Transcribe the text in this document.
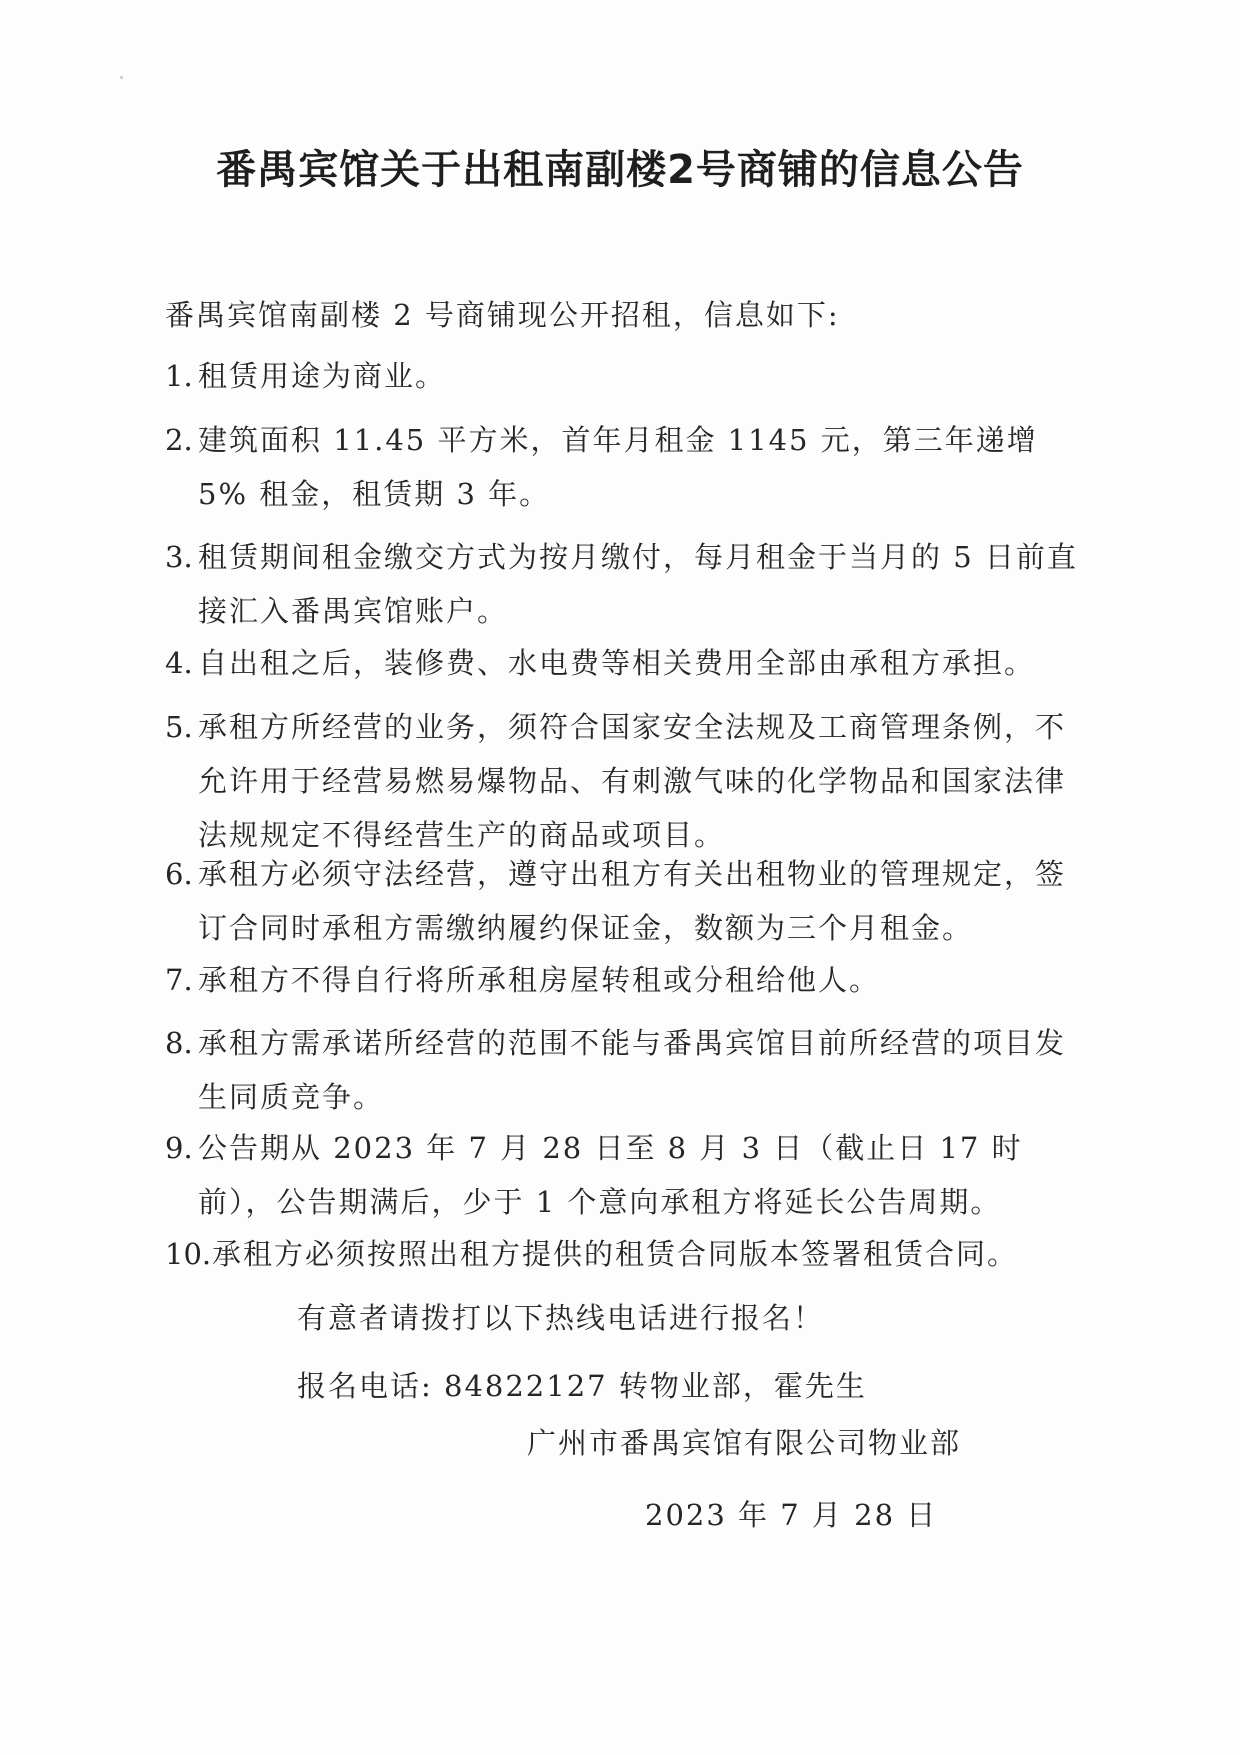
番禺宾馆关于出租南副楼2号商铺的信息公告
番禺宾馆南副楼 2 号商铺现公开招租，信息如下:
1. 租赁用途为商业。
2. 建筑面积 11.45 平方米，首年月租金 1145 元，第三年递增 5% 租金，租赁期 3 年。
3. 租赁期间租金缴交方式为按月缴付，每月租金于当月的 5 日前直接汇入番禺宾馆账户。
4. 自出租之后，装修费、水电费等相关费用全部由承租方承担。
5. 承租方所经营的业务，须符合国家安全法规及工商管理条例，不允许用于经营易燃易爆物品、有刺激气味的化学物品和国家法律法规规定不得经营生产的商品或项目。
6. 承租方必须守法经营，遵守出租方有关出租物业的管理规定，签订合同时承租方需缴纳履约保证金，数额为三个月租金。
7. 承租方不得自行将所承租房屋转租或分租给他人。
8. 承租方需承诺所经营的范围不能与番禺宾馆目前所经营的项目发生同质竞争。
9. 公告期从 2023 年 7 月 28 日至 8 月 3 日（截止日 17 时前），公告期满后，少于 1 个意向承租方将延长公告周期。
10. 承租方必须按照出租方提供的租赁合同版本签署租赁合同。
有意者请拨打以下热线电话进行报名！
报名电话: 84822127 转物业部，霍先生
广州市番禺宾馆有限公司物业部
2023 年 7 月 28 日
